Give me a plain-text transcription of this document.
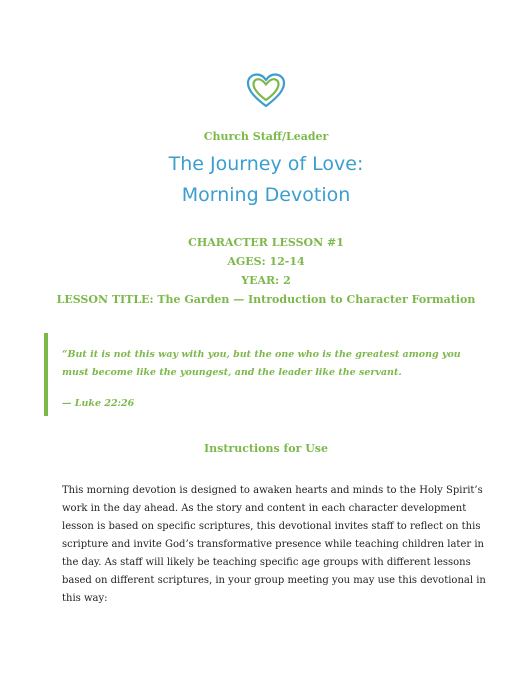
Church Staff/Leader
The Journey of Love:
Morning Devotion
CHARACTER LESSON #1
AGES: 12-14
YEAR: 2
LESSON TITLE: The Garden — Introduction to Character Formation
“But it is not this way with you, but the one who is the greatest among you must become like the youngest, and the leader like the servant.
— Luke 22:26
Instructions for Use
This morning devotion is designed to awaken hearts and minds to the Holy Spirit’s work in the day ahead. As the story and content in each character development lesson is based on specific scriptures, this devotional invites staff to reflect on this scripture and invite God’s transformative presence while teaching children later in the day. As staff will likely be teaching specific age groups with different lessons based on different scriptures, in your group meeting you may use this devotional in this way:
